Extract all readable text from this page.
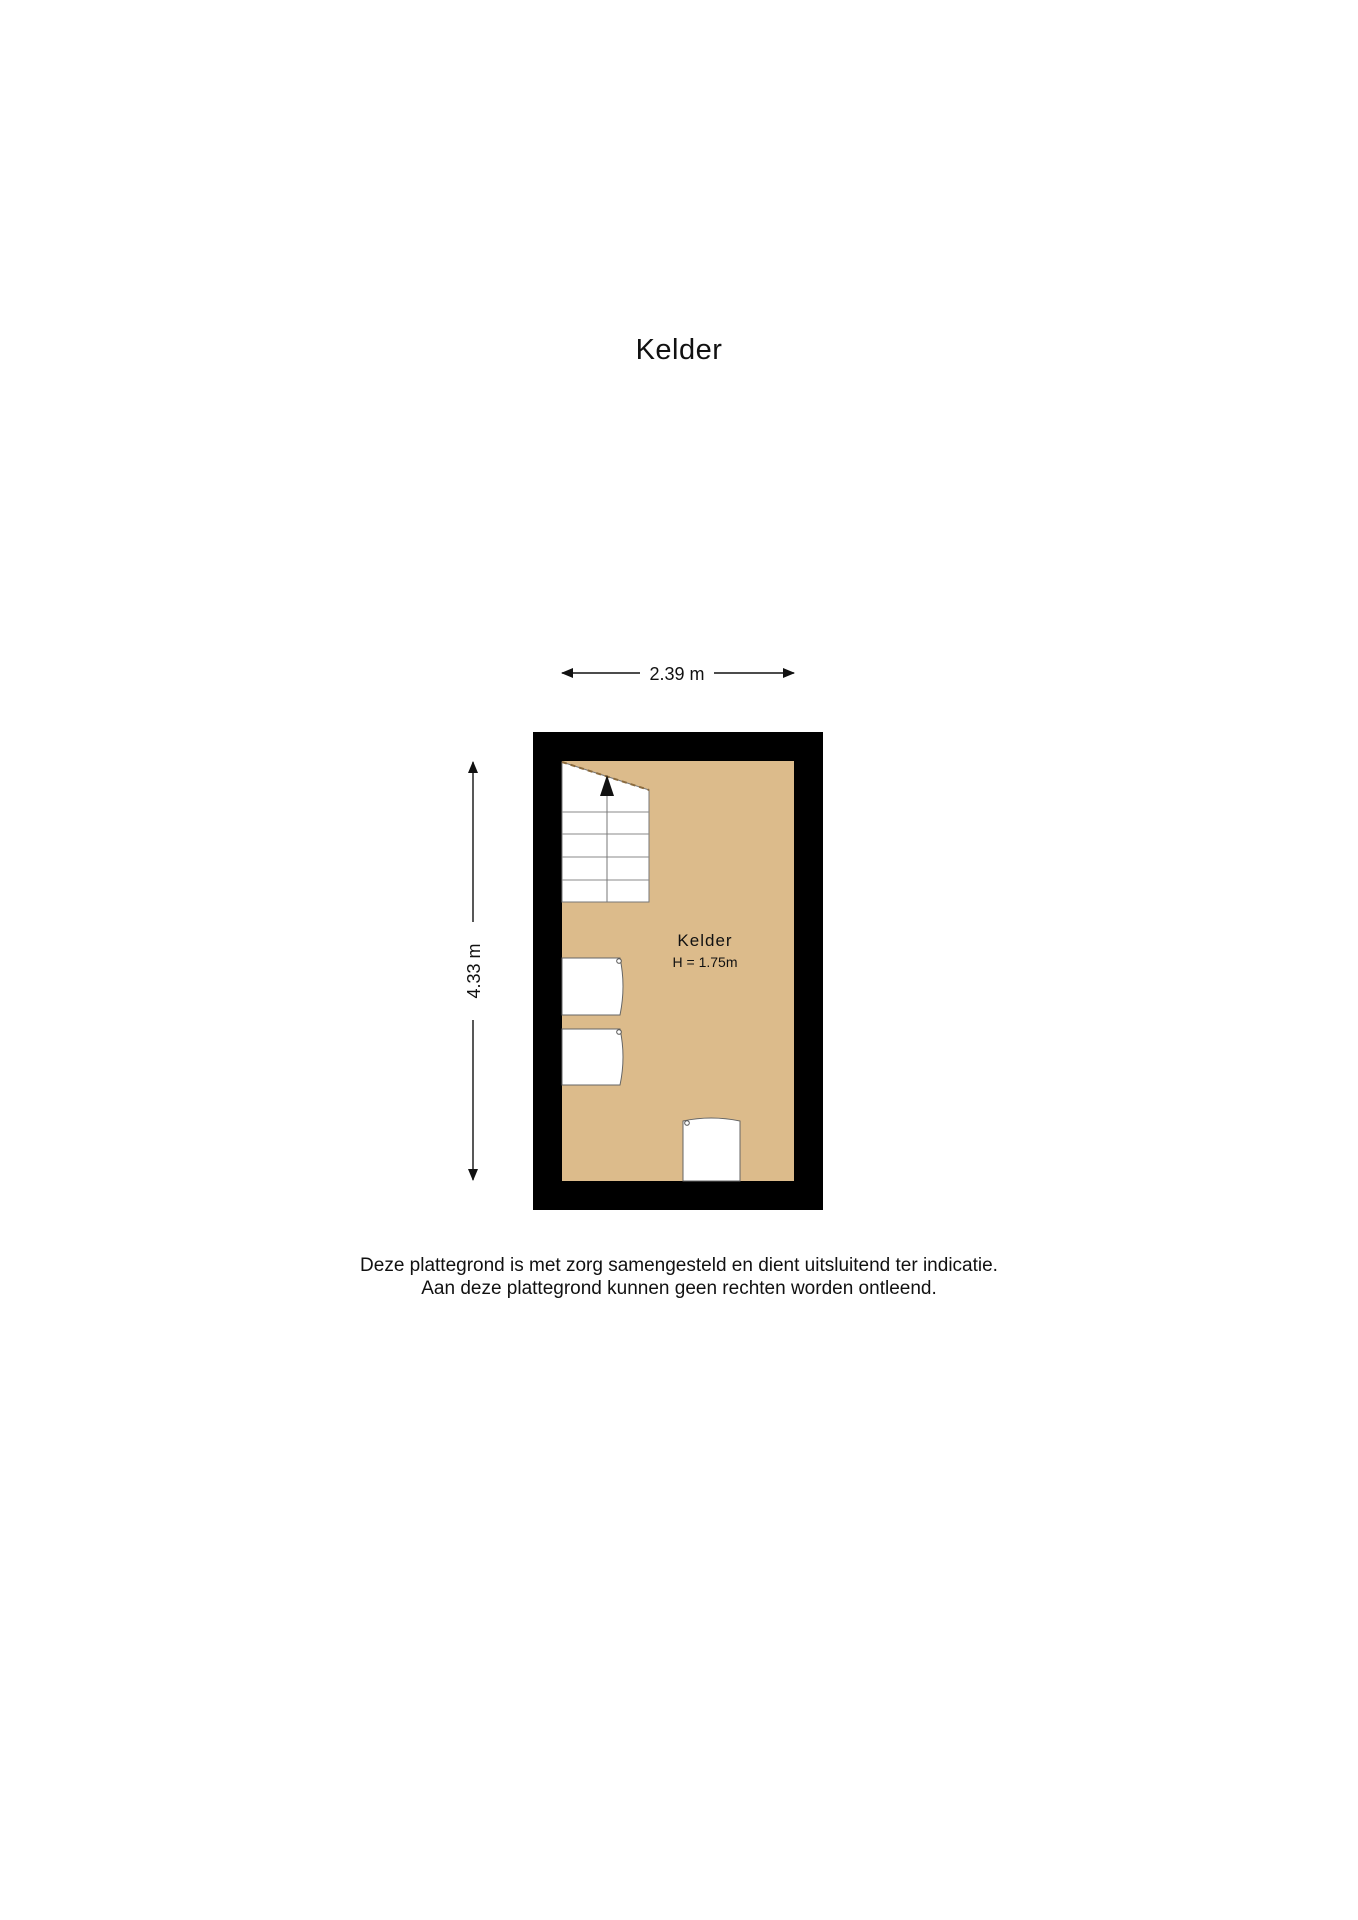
Kelder
2.39 m
4.33 m
Kelder
H = 1.75m
Deze plattegrond is met zorg samengesteld en dient uitsluitend ter indicatie.
Aan deze plattegrond kunnen geen rechten worden ontleend.
